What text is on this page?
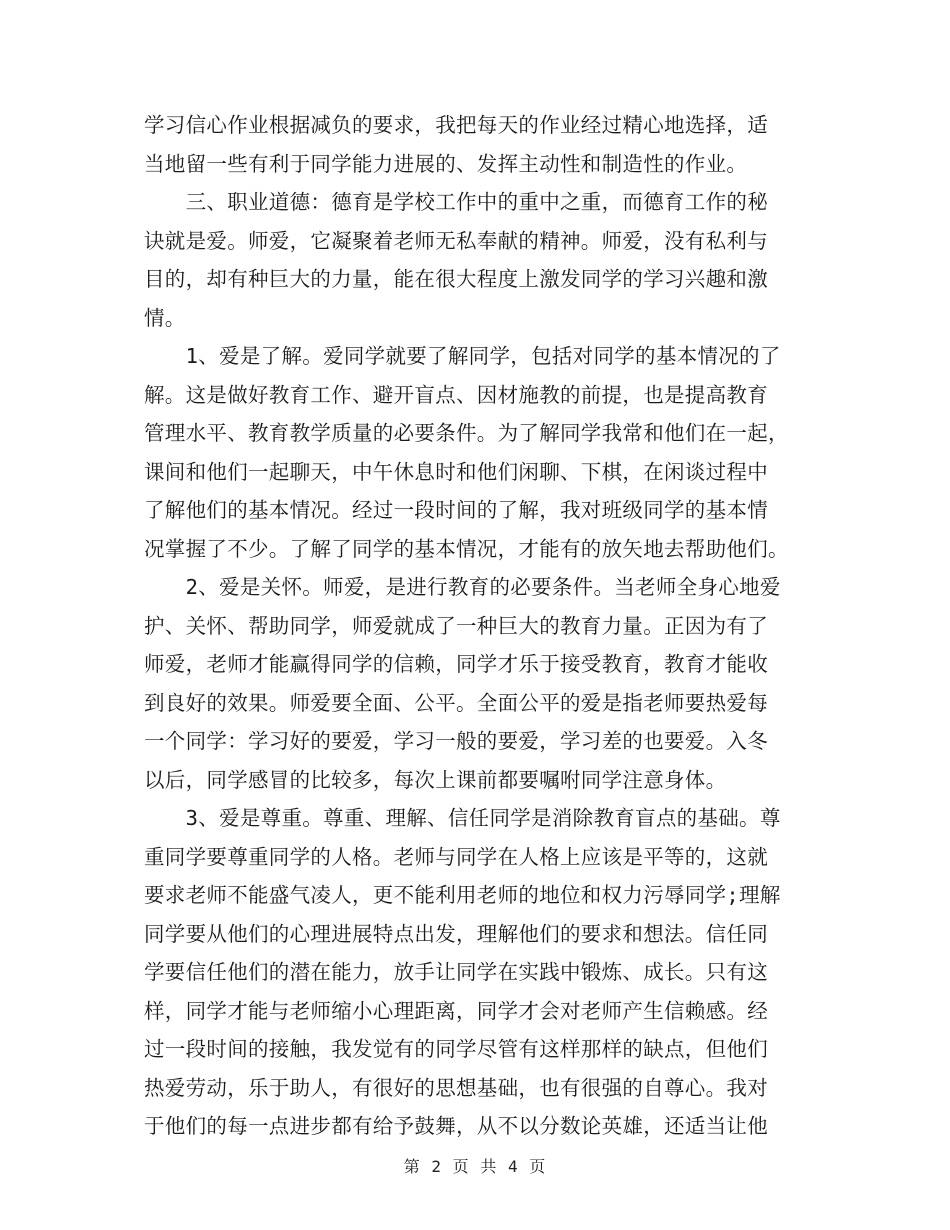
学习信心作业根据减负的要求，我把每天的作业经过精心地选择，适
当地留一些有利于同学能力进展的、发挥主动性和制造性的作业。
　　三、职业道德：德育是学校工作中的重中之重，而德育工作的秘
诀就是爱。师爱，它凝聚着老师无私奉献的精神。师爱，没有私利与
目的，却有种巨大的力量，能在很大程度上激发同学的学习兴趣和激
情。
　　1、爱是了解。爱同学就要了解同学，包括对同学的基本情况的了
解。这是做好教育工作、避开盲点、因材施教的前提，也是提高教育
管理水平、教育教学质量的必要条件。为了解同学我常和他们在一起，
课间和他们一起聊天，中午休息时和他们闲聊、下棋，在闲谈过程中
了解他们的基本情况。经过一段时间的了解，我对班级同学的基本情
况掌握了不少。了解了同学的基本情况，才能有的放矢地去帮助他们。
　　2、爱是关怀。师爱，是进行教育的必要条件。当老师全身心地爱
护、关怀、帮助同学，师爱就成了一种巨大的教育力量。正因为有了
师爱，老师才能赢得同学的信赖，同学才乐于接受教育，教育才能收
到良好的效果。师爱要全面、公平。全面公平的爱是指老师要热爱每
一个同学：学习好的要爱，学习一般的要爱，学习差的也要爱。入冬
以后，同学感冒的比较多，每次上课前都要嘱咐同学注意身体。
　　3、爱是尊重。尊重、理解、信任同学是消除教育盲点的基础。尊
重同学要尊重同学的人格。老师与同学在人格上应该是平等的，这就
要求老师不能盛气凌人，更不能利用老师的地位和权力污辱同学;理解
同学要从他们的心理进展特点出发，理解他们的要求和想法。信任同
学要信任他们的潜在能力，放手让同学在实践中锻炼、成长。只有这
样，同学才能与老师缩小心理距离，同学才会对老师产生信赖感。经
过一段时间的接触，我发觉有的同学尽管有这样那样的缺点，但他们
热爱劳动，乐于助人，有很好的思想基础，也有很强的自尊心。我对
于他们的每一点进步都有给予鼓舞，从不以分数论英雄，还适当让他
第 2 页 共 4 页
